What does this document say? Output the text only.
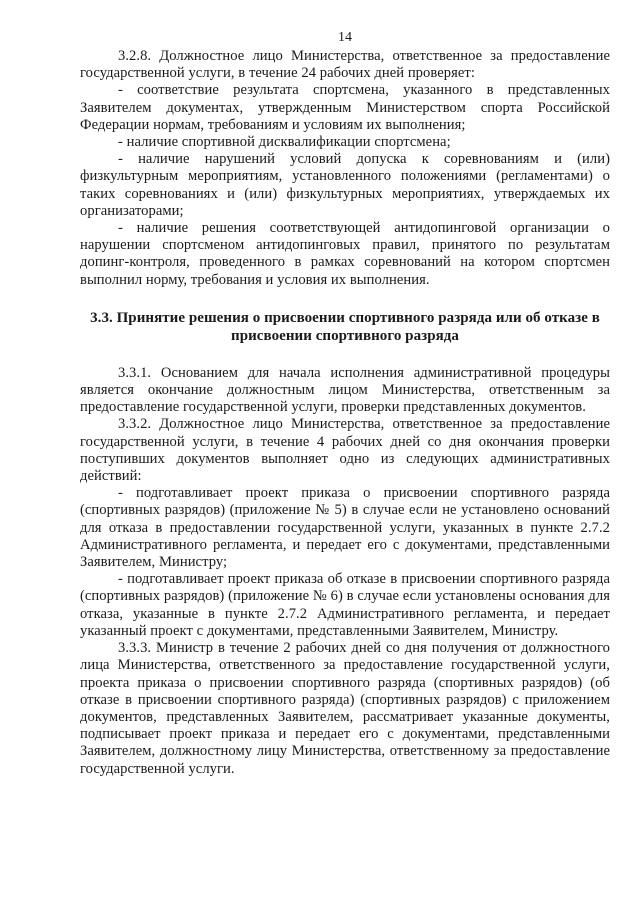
14

3.2.8. Должностное лицо Министерства, ответственное за предоставление государственной услуги, в течение 24 рабочих дней проверяет:

- соответствие результата спортсмена, указанного в представленных Заявителем документах, утвержденным Министерством спорта Российской Федерации нормам, требованиям и условиям их выполнения;

- наличие спортивной дисквалификации спортсмена;

- наличие нарушений условий допуска к соревнованиям и (или) физкультурным мероприятиям, установленного положениями (регламентами) о таких соревнованиях и (или) физкультурных мероприятиях, утверждаемых их организаторами;

- наличие решения соответствующей антидопинговой организации о нарушении спортсменом антидопинговых правил, принятого по результатам допинг-контроля, проведенного в рамках соревнований на котором спортсмен выполнил норму, требования и условия их выполнения.

3.3. Принятие решения о присвоении спортивного разряда или об отказе в
присвоении спортивного разряда

3.3.1. Основанием для начала исполнения административной процедуры является окончание должностным лицом Министерства, ответственным за предоставление государственной услуги, проверки представленных документов.

3.3.2. Должностное лицо Министерства, ответственное за предоставление государственной услуги, в течение 4 рабочих дней со дня окончания проверки поступивших документов выполняет одно из следующих административных действий:

- подготавливает проект приказа о присвоении спортивного разряда (спортивных разрядов) (приложение № 5) в случае если не установлено оснований для отказа в предоставлении государственной услуги, указанных в пункте 2.7.2 Административного регламента, и передает его с документами, представленными Заявителем, Министру;

- подготавливает проект приказа об отказе в присвоении спортивного разряда (спортивных разрядов) (приложение № 6) в случае если установлены основания для отказа, указанные в пункте 2.7.2 Административного регламента, и передает указанный проект с документами, представленными Заявителем, Министру.

3.3.3. Министр в течение 2 рабочих дней со дня получения от должностного лица Министерства, ответственного за предоставление государственной услуги, проекта приказа о присвоении спортивного разряда (спортивных разрядов) (об отказе в присвоении спортивного разряда) (спортивных разрядов) с приложением документов, представленных Заявителем, рассматривает указанные документы, подписывает проект приказа и передает его с документами, представленными Заявителем, должностному лицу Министерства, ответственному за предоставление государственной услуги.
